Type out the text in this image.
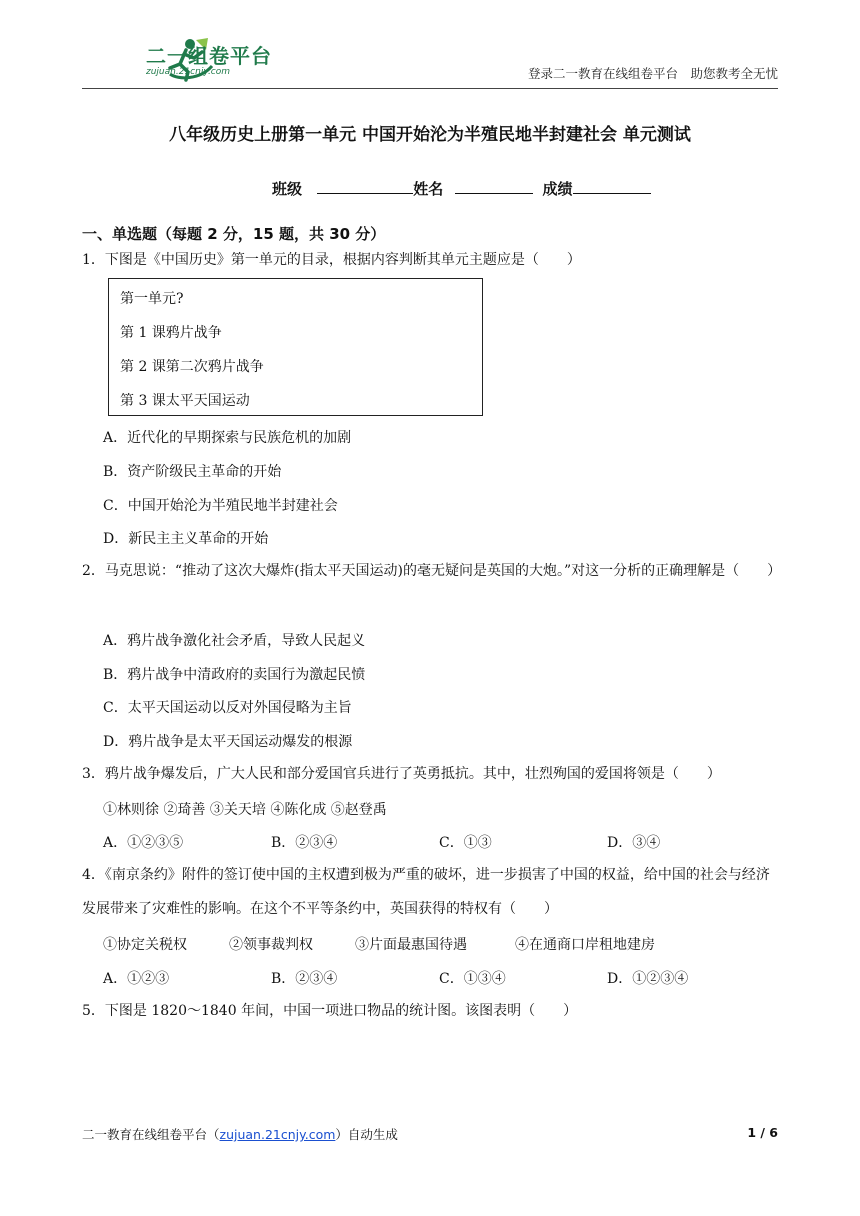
二一组卷平台
zujuan.21cnjy.com	登录二一教育在线组卷平台　助您教考全无忧
八年级历史上册第一单元 中国开始沦为半殖民地半封建社会 单元测试
班级	姓名	成绩
一、单选题（每题 2 分，15 题，共 30 分）
1．下图是《中国历史》第一单元的目录，根据内容判断其单元主题应是（　　）
第一单元?
第 1 课鸦片战争
第 2 课第二次鸦片战争
第 3 课太平天国运动
A．近代化的早期探索与民族危机的加剧
B．资产阶级民主革命的开始
C．中国开始沦为半殖民地半封建社会
D．新民主主义革命的开始
2．马克思说：“推动了这次大爆炸(指太平天国运动)的毫无疑问是英国的大炮。”对这一分析的正确理解是（　　）
A．鸦片战争激化社会矛盾，导致人民起义
B．鸦片战争中清政府的卖国行为激起民愤
C．太平天国运动以反对外国侵略为主旨
D．鸦片战争是太平天国运动爆发的根源
3．鸦片战争爆发后，广大人民和部分爱国官兵进行了英勇抵抗。其中，壮烈殉国的爱国将领是（　　）
①林则徐 ②琦善 ③关天培 ④陈化成 ⑤赵登禹
A．①②③⑤	B．②③④	C．①③	D．③④
4．《南京条约》附件的签订使中国的主权遭到极为严重的破坏，进一步损害了中国的权益，给中国的社会与经济发展带来了灾难性的影响。在这个不平等条约中，英国获得的特权有（　　）
①协定关税权	②领事裁判权	③片面最惠国待遇	④在通商口岸租地建房
A．①②③	B．②③④	C．①③④	D．①②③④
5．下图是 1820～1840 年间，中国一项进口物品的统计图。该图表明（　　）
二一教育在线组卷平台（zujuan.21cnjy.com）自动生成	1 / 6
